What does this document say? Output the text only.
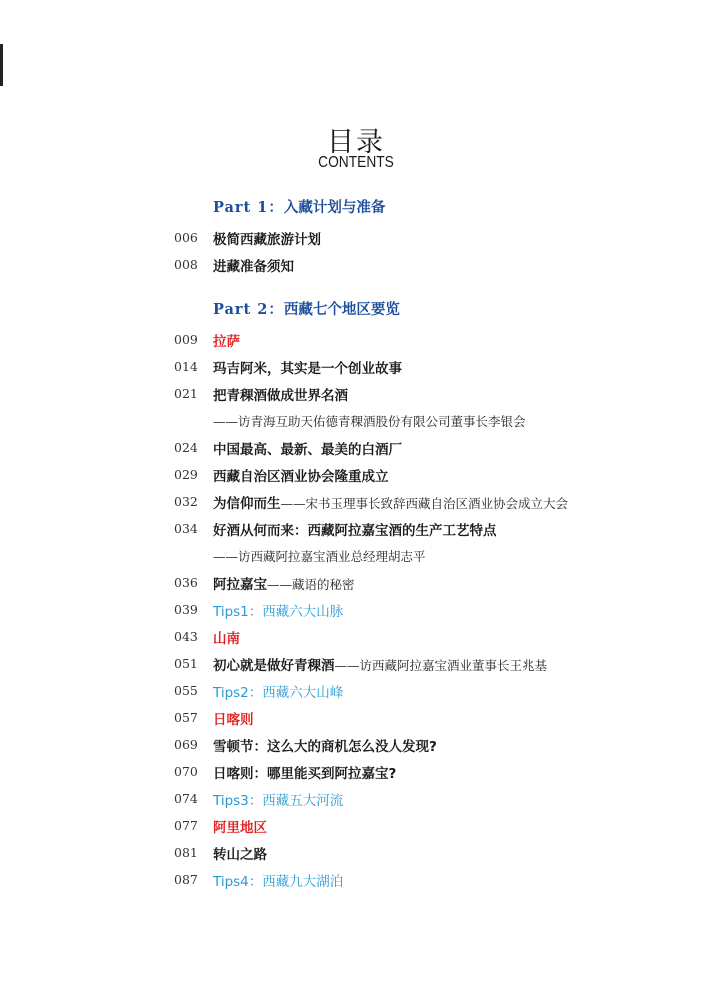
目录
CONTENTS
Part 1：入藏计划与准备
006 极简西藏旅游计划
008 进藏准备须知
Part 2：西藏七个地区要览
009 拉萨
014 玛吉阿米，其实是一个创业故事
021 把青稞酒做成世界名酒
——访青海互助天佑德青稞酒股份有限公司董事长李银会
024 中国最高、最新、最美的白酒厂
029 西藏自治区酒业协会隆重成立
032 为信仰而生——宋书玉理事长致辞西藏自治区酒业协会成立大会
034 好酒从何而来：西藏阿拉嘉宝酒的生产工艺特点
——访西藏阿拉嘉宝酒业总经理胡志平
036 阿拉嘉宝——藏语的秘密
039 Tips1：西藏六大山脉
043 山南
051 初心就是做好青稞酒——访西藏阿拉嘉宝酒业董事长王兆基
055 Tips2：西藏六大山峰
057 日喀则
069 雪顿节：这么大的商机怎么没人发现?
070 日喀则：哪里能买到阿拉嘉宝?
074 Tips3：西藏五大河流
077 阿里地区
081 转山之路
087 Tips4：西藏九大湖泊
